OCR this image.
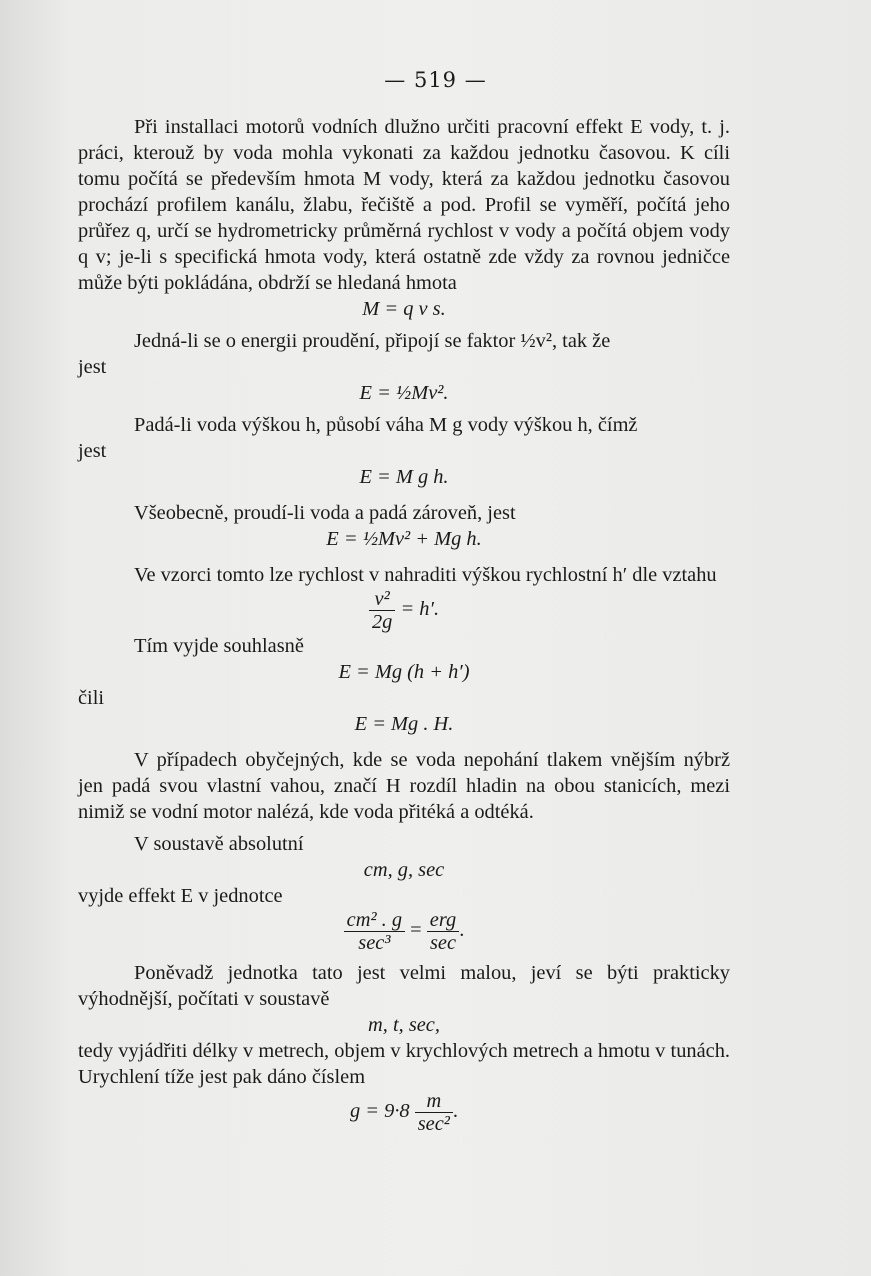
— 519 —

Při installaci motorů vodních dlužno určiti pracovní effekt E vody, t. j. práci, kterouž by voda mohla vykonati za každou jednotku časovou. K cíli tomu počítá se především hmota M vody, která za každou jednotku časovou prochází profilem kanálu, žlabu, řečiště a pod. Profil se vyměří, počítá jeho průřez q, určí se hydrometricky průměrná rychlost v vody a počítá objem vody q v; je-li s specifická hmota vody, která ostatně zde vždy za rovnou jedničce může býti pokládána, obdrží se hledaná hmota

M = q v s.

Jedná-li se o energii proudění, připojí se faktor ½v², tak že

jest

E = ½Mv².

Padá-li voda výškou h, působí váha M g vody výškou h, čímž

jest

E = M g h.

Všeobecně, proudí-li voda a padá zároveň, jest

E = ½Mv² + Mg h.

Ve vzorci tomto lze rychlost v nahraditi výškou rychlostní h′ dle vztahu

$\frac{\text{v²}}{2g} = h'$.

Tím vyjde souhlasně

E = Mg (h + h′)

čili

E = Mg . H.

V případech obyčejných, kde se voda nepohání tlakem vnějším nýbrž jen padá svou vlastní vahou, značí H rozdíl hladin na obou stanicích, mezi nimiž se vodní motor nalézá, kde voda přitéká a odtéká.

V soustavě absolutní

cm, g, sec

vyjde effekt E v jednotce

$\frac{\text{cm² . g}}{\text{sec³}} = \frac{\text{erg}}{\sec}$ .

Poněvadž jednotka tato jest velmi malou, jeví se býti prakticky výhodnější, počítati v soustavě

m, t, sec,

tedy vyjádřiti délky v metrech, objem v krychlových metrech a hmotu v tunách. Urychlení tíže jest pak dáno číslem

$g = 9\cdot 8 \frac{m}{\text{sec²}}$ .
